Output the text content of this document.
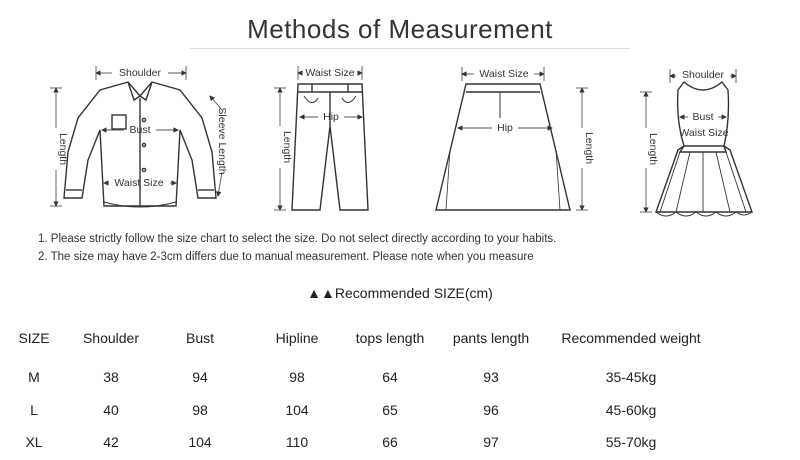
Methods of Measurement
Shoulder
Bust
Waist Size
Length	Sleeve Length
Waist Size
Hip
Length
Waist Size
Hip
Length
Shoulder
Bust
Waist Size
Length
1. Please strictly follow the size chart to select the size. Do not select directly according to your habits.
2. The size may have 2-3cm differs due to manual measurement. Please note when you measure
▲▲Recommended SIZE(cm)
SIZE	Shoulder	Bust	Hipline	tops length	pants length	Recommended weight
M	38	94	98	64	93	35-45kg
L	40	98	104	65	96	45-60kg
XL	42	104	110	66	97	55-70kg
